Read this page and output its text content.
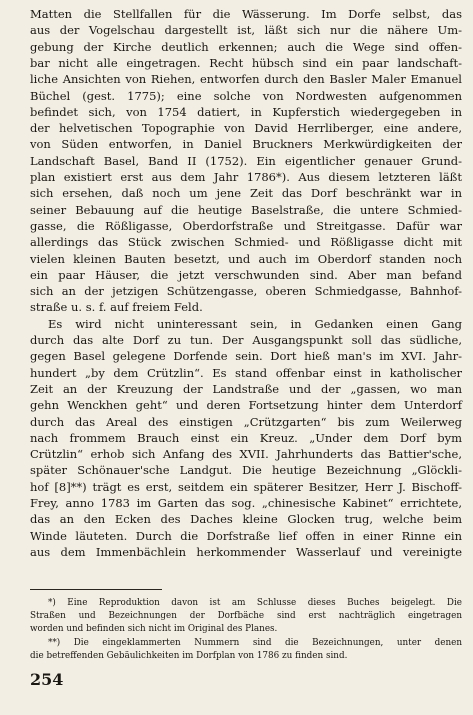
Matten die Stellfallen für die Wässerung. Im Dorfe selbst, das
aus der Vogelschau dargestellt ist, läßt sich nur die nähere Um-
gebung der Kirche deutlich erkennen; auch die Wege sind offen-
bar nicht alle eingetragen. Recht hübsch sind ein paar landschaft-
liche Ansichten von Riehen, entworfen durch den Basler Maler Emanuel
Büchel (gest. 1775); eine solche von Nordwesten aufgenommen
befindet sich, von 1754 datiert, in Kupferstich wiedergegeben in
der helvetischen Topographie von David Herrliberger, eine andere,
von Süden entworfen, in Daniel Bruckners Merkwürdigkeiten der
Landschaft Basel, Band II (1752). Ein eigentlicher genauer Grund-
plan existiert erst aus dem Jahr 1786*). Aus diesem letzteren läßt
sich ersehen, daß noch um jene Zeit das Dorf beschränkt war in
seiner Bebauung auf die heutige Baselstraße, die untere Schmied-
gasse, die Rößligasse, Oberdorfstraße und Streitgasse. Dafür war
allerdings das Stück zwischen Schmied- und Rößligasse dicht mit
vielen kleinen Bauten besetzt, und auch im Oberdorf standen noch
ein paar Häuser, die jetzt verschwunden sind. Aber man befand
sich an der jetzigen Schützengasse, oberen Schmiedgasse, Bahnhof-
straße u. s. f. auf freiem Feld.
Es wird nicht uninteressant sein, in Gedanken einen Gang
durch das alte Dorf zu tun. Der Ausgangspunkt soll das südliche,
gegen Basel gelegene Dorfende sein. Dort hieß man's im XVI. Jahr-
hundert „by dem Crützlin“. Es stand offenbar einst in katholischer
Zeit an der Kreuzung der Landstraße und der „gassen, wo man
gehn Wenckhen geht“ und deren Fortsetzung hinter dem Unterdorf
durch das Areal des einstigen „Crützgarten“ bis zum Weilerweg
nach frommem Brauch einst ein Kreuz. „Under dem Dorf bym
Crützlin“ erhob sich Anfang des XVII. Jahrhunderts das Battier'sche,
später Schönauer'sche Landgut. Die heutige Bezeichnung „Glöckli-
hof [8]**) trägt es erst, seitdem ein späterer Besitzer, Herr J. Bischoff-
Frey, anno 1783 im Garten das sog. „chinesische Kabinet“ errichtete,
das an den Ecken des Daches kleine Glocken trug, welche beim
Winde läuteten. Durch die Dorfstraße lief offen in einer Rinne ein
aus dem Immenbächlein herkommender Wasserlauf und vereinigte
*) Eine Reproduktion davon ist am Schlusse dieses Buches beigelegt. Die
Straßen und Bezeichnungen der Dorfbäche sind erst nachträglich eingetragen
worden und befinden sich nicht im Original des Planes.
**) Die eingeklammerten Nummern sind die Bezeichnungen, unter denen
die betreffenden Gebäulichkeiten im Dorfplan von 1786 zu finden sind.
254
